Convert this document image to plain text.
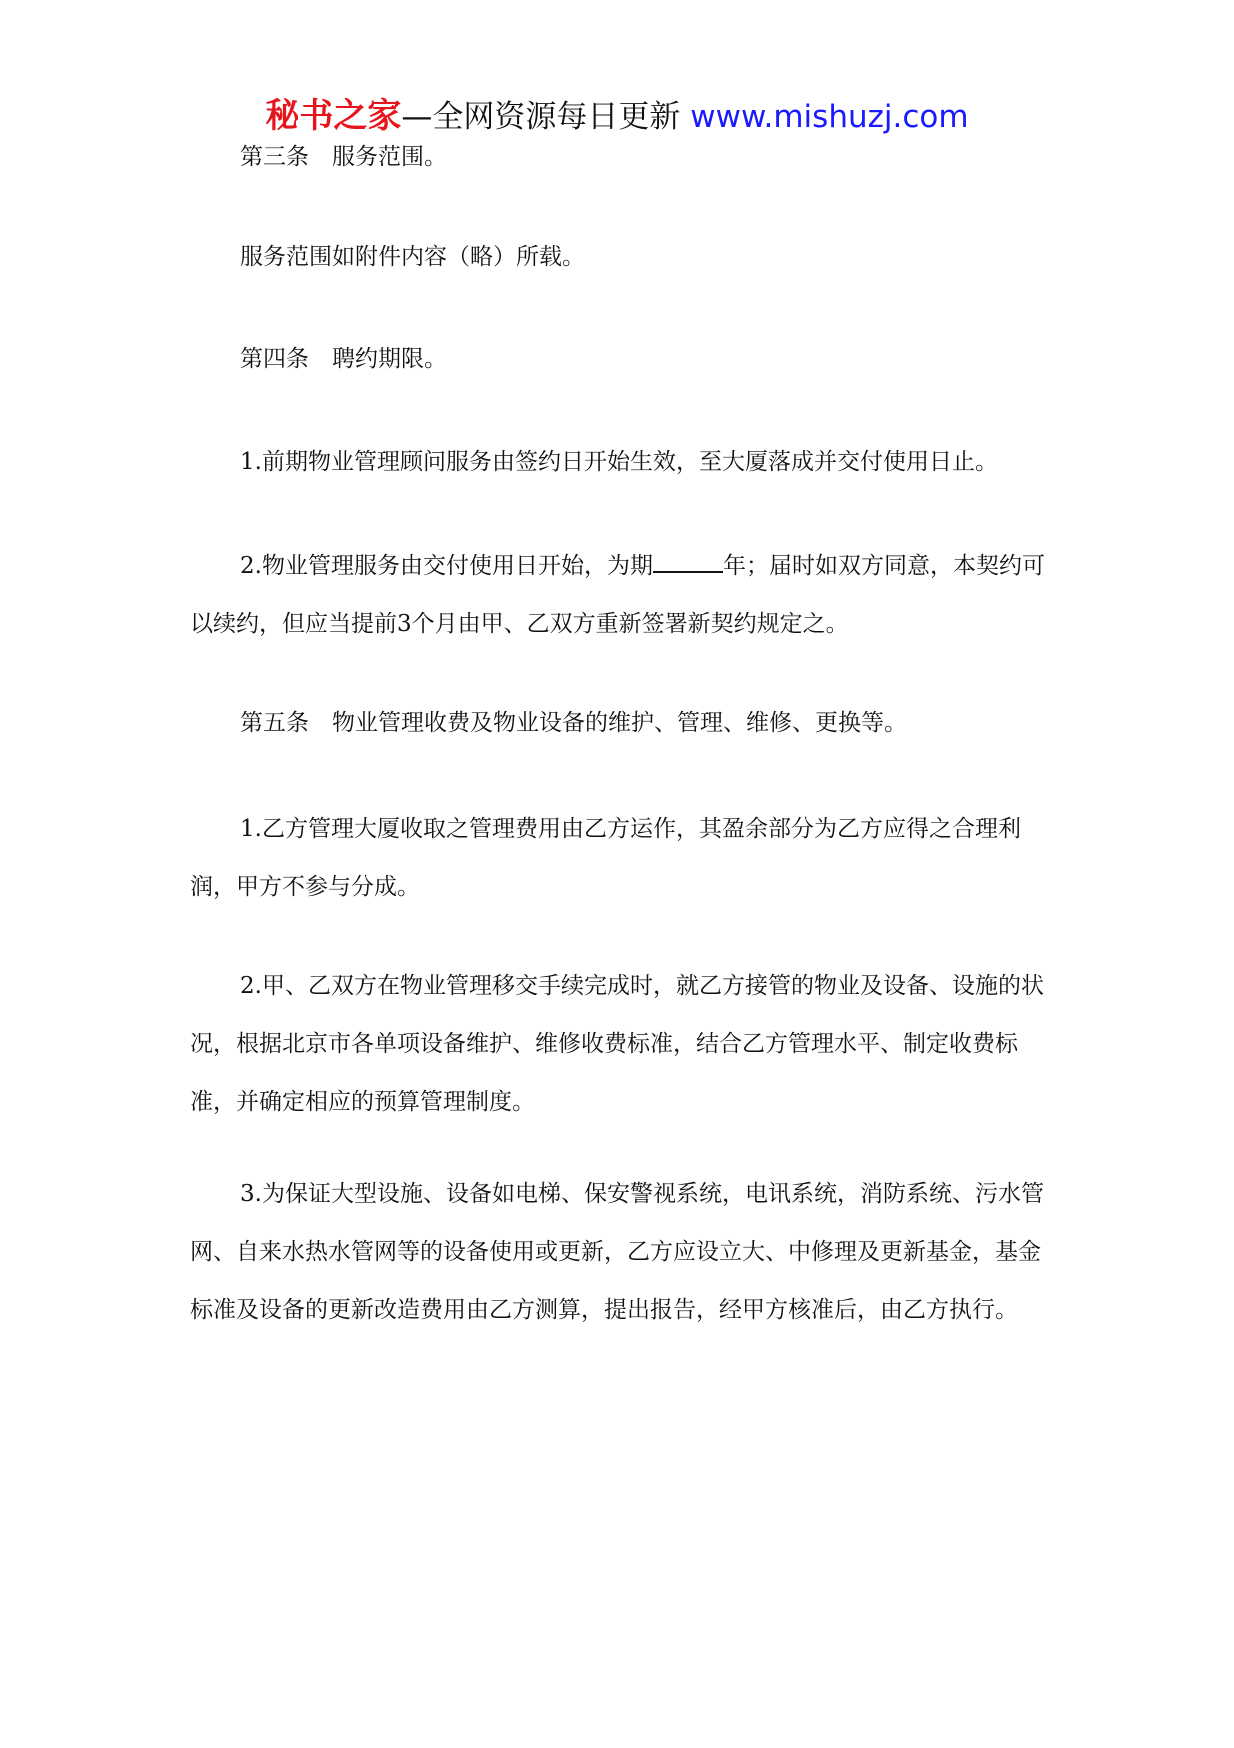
秘书之家—全网资源每日更新 www.mishuzj.com

第三条　服务范围。

服务范围如附件内容（略）所载。

第四条　聘约期限。

1.前期物业管理顾问服务由签约日开始生效，至大厦落成并交付使用日止。

2.物业管理服务由交付使用日开始，为期	年；届时如双方同意，本契约可以续约，但应当提前3个月由甲、乙双方重新签署新契约规定之。

第五条　物业管理收费及物业设备的维护、管理、维修、更换等。

1.乙方管理大厦收取之管理费用由乙方运作，其盈余部分为乙方应得之合理利润，甲方不参与分成。

2.甲、乙双方在物业管理移交手续完成时，就乙方接管的物业及设备、设施的状况，根据北京市各单项设备维护、维修收费标准，结合乙方管理水平、制定收费标准，并确定相应的预算管理制度。

3.为保证大型设施、设备如电梯、保安警视系统，电讯系统，消防系统、污水管网、自来水热水管网等的设备使用或更新，乙方应设立大、中修理及更新基金，基金标准及设备的更新改造费用由乙方测算，提出报告，经甲方核准后，由乙方执行。
